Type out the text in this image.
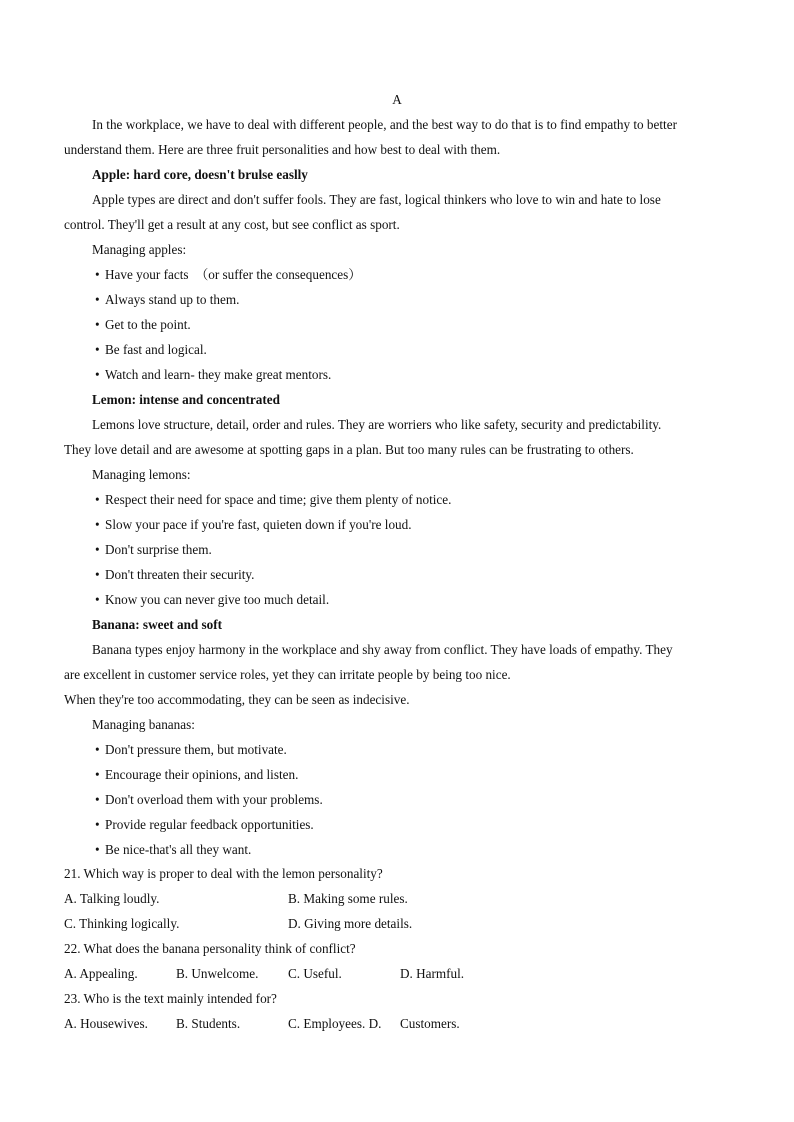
A
In the workplace, we have to deal with different people, and the best way to do that is to find empathy to better
understand them. Here are three fruit personalities and how best to deal with them.
Apple: hard core, doesn't brulse easlly
Apple types are direct and don't suffer fools. They are fast, logical thinkers who love to win and hate to lose
control. They'll get a result at any cost, but see conflict as sport.
Managing apples:
• Have your facts　（or suffer the consequences）
• Always stand up to them.
• Get to the point.
• Be fast and logical.
• Watch and learn- they make great mentors.
Lemon: intense and concentrated
Lemons love structure, detail, order and rules. They are worriers who like safety, security and predictability.
They love detail and are awesome at spotting gaps in a plan. But too many rules can be frustrating to others.
Managing lemons:
• Respect their need for space and time; give them plenty of notice.
• Slow your pace if you're fast, quieten down if you're loud.
• Don't surprise them.
• Don't threaten their security.
• Know you can never give too much detail.
Banana: sweet and soft
Banana types enjoy harmony in the workplace and shy away from conflict. They have loads of empathy. They
are excellent in customer service roles, yet they can irritate people by being too nice.
When they're too accommodating, they can be seen as indecisive.
Managing bananas:
• Don't pressure them, but motivate.
• Encourage their opinions, and listen.
• Don't overload them with your problems.
• Provide regular feedback opportunities.
• Be nice-that's all they want.
21. Which way is proper to deal with the lemon personality?
A. Talking loudly.	B. Making some rules.
C. Thinking logically.	D. Giving more details.
22. What does the banana personality think of conflict?
A. Appealing.	B. Unwelcome. C. Useful.	D. Harmful.
23. Who is the text mainly intended for?
A. Housewives. B. Students.	C. Employees. D. Customers.
